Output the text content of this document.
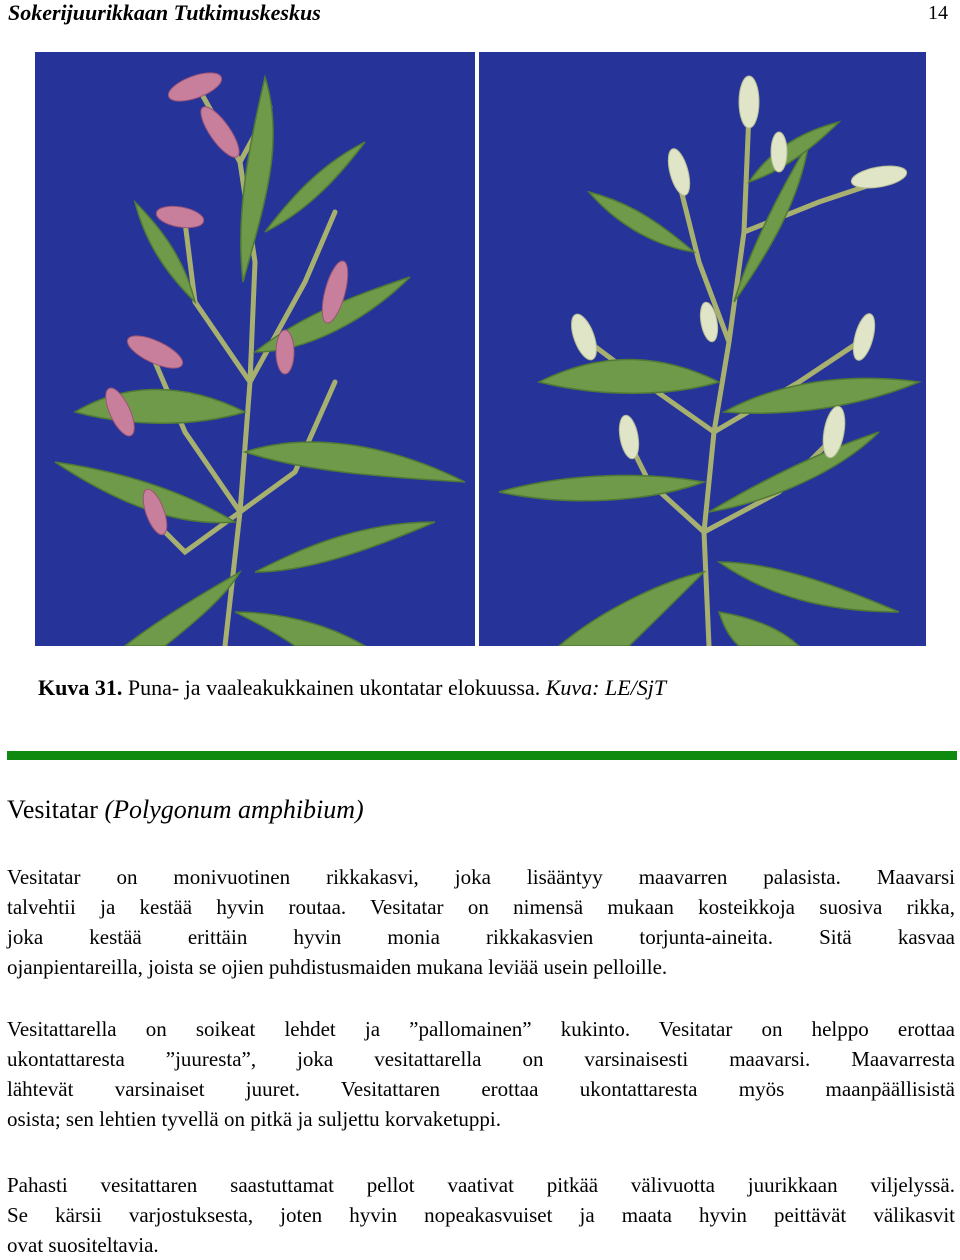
Sokerijuurikkaan Tutkimuskeskus	14
Kuva 31. Puna- ja vaaleakukkainen ukontatar elokuussa. Kuva: LE/SjT
Vesitatar (Polygonum amphibium)
Vesitatar on monivuotinen rikkakasvi, joka lisääntyy maavarren palasista. Maavarsi
talvehtii ja kestää hyvin routaa. Vesitatar on nimensä mukaan kosteikkoja suosiva rikka,
joka kestää erittäin hyvin monia rikkakasvien torjunta-aineita. Sitä kasvaa
ojanpientareilla, joista se ojien puhdistusmaiden mukana leviää usein pelloille.
Vesitattarella on soikeat lehdet ja ”pallomainen” kukinto. Vesitatar on helppo erottaa
ukontattaresta ”juuresta”, joka vesitattarella on varsinaisesti maavarsi. Maavarresta
lähtevät varsinaiset juuret. Vesitattaren erottaa ukontattaresta myös maanpäällisistä
osista; sen lehtien tyvellä on pitkä ja suljettu korvaketuppi.
Pahasti vesitattaren saastuttamat pellot vaativat pitkää välivuotta juurikkaan viljelyssä.
Se kärsii varjostuksesta, joten hyvin nopeakasvuiset ja maata hyvin peittävät välikasvit
ovat suositeltavia.
